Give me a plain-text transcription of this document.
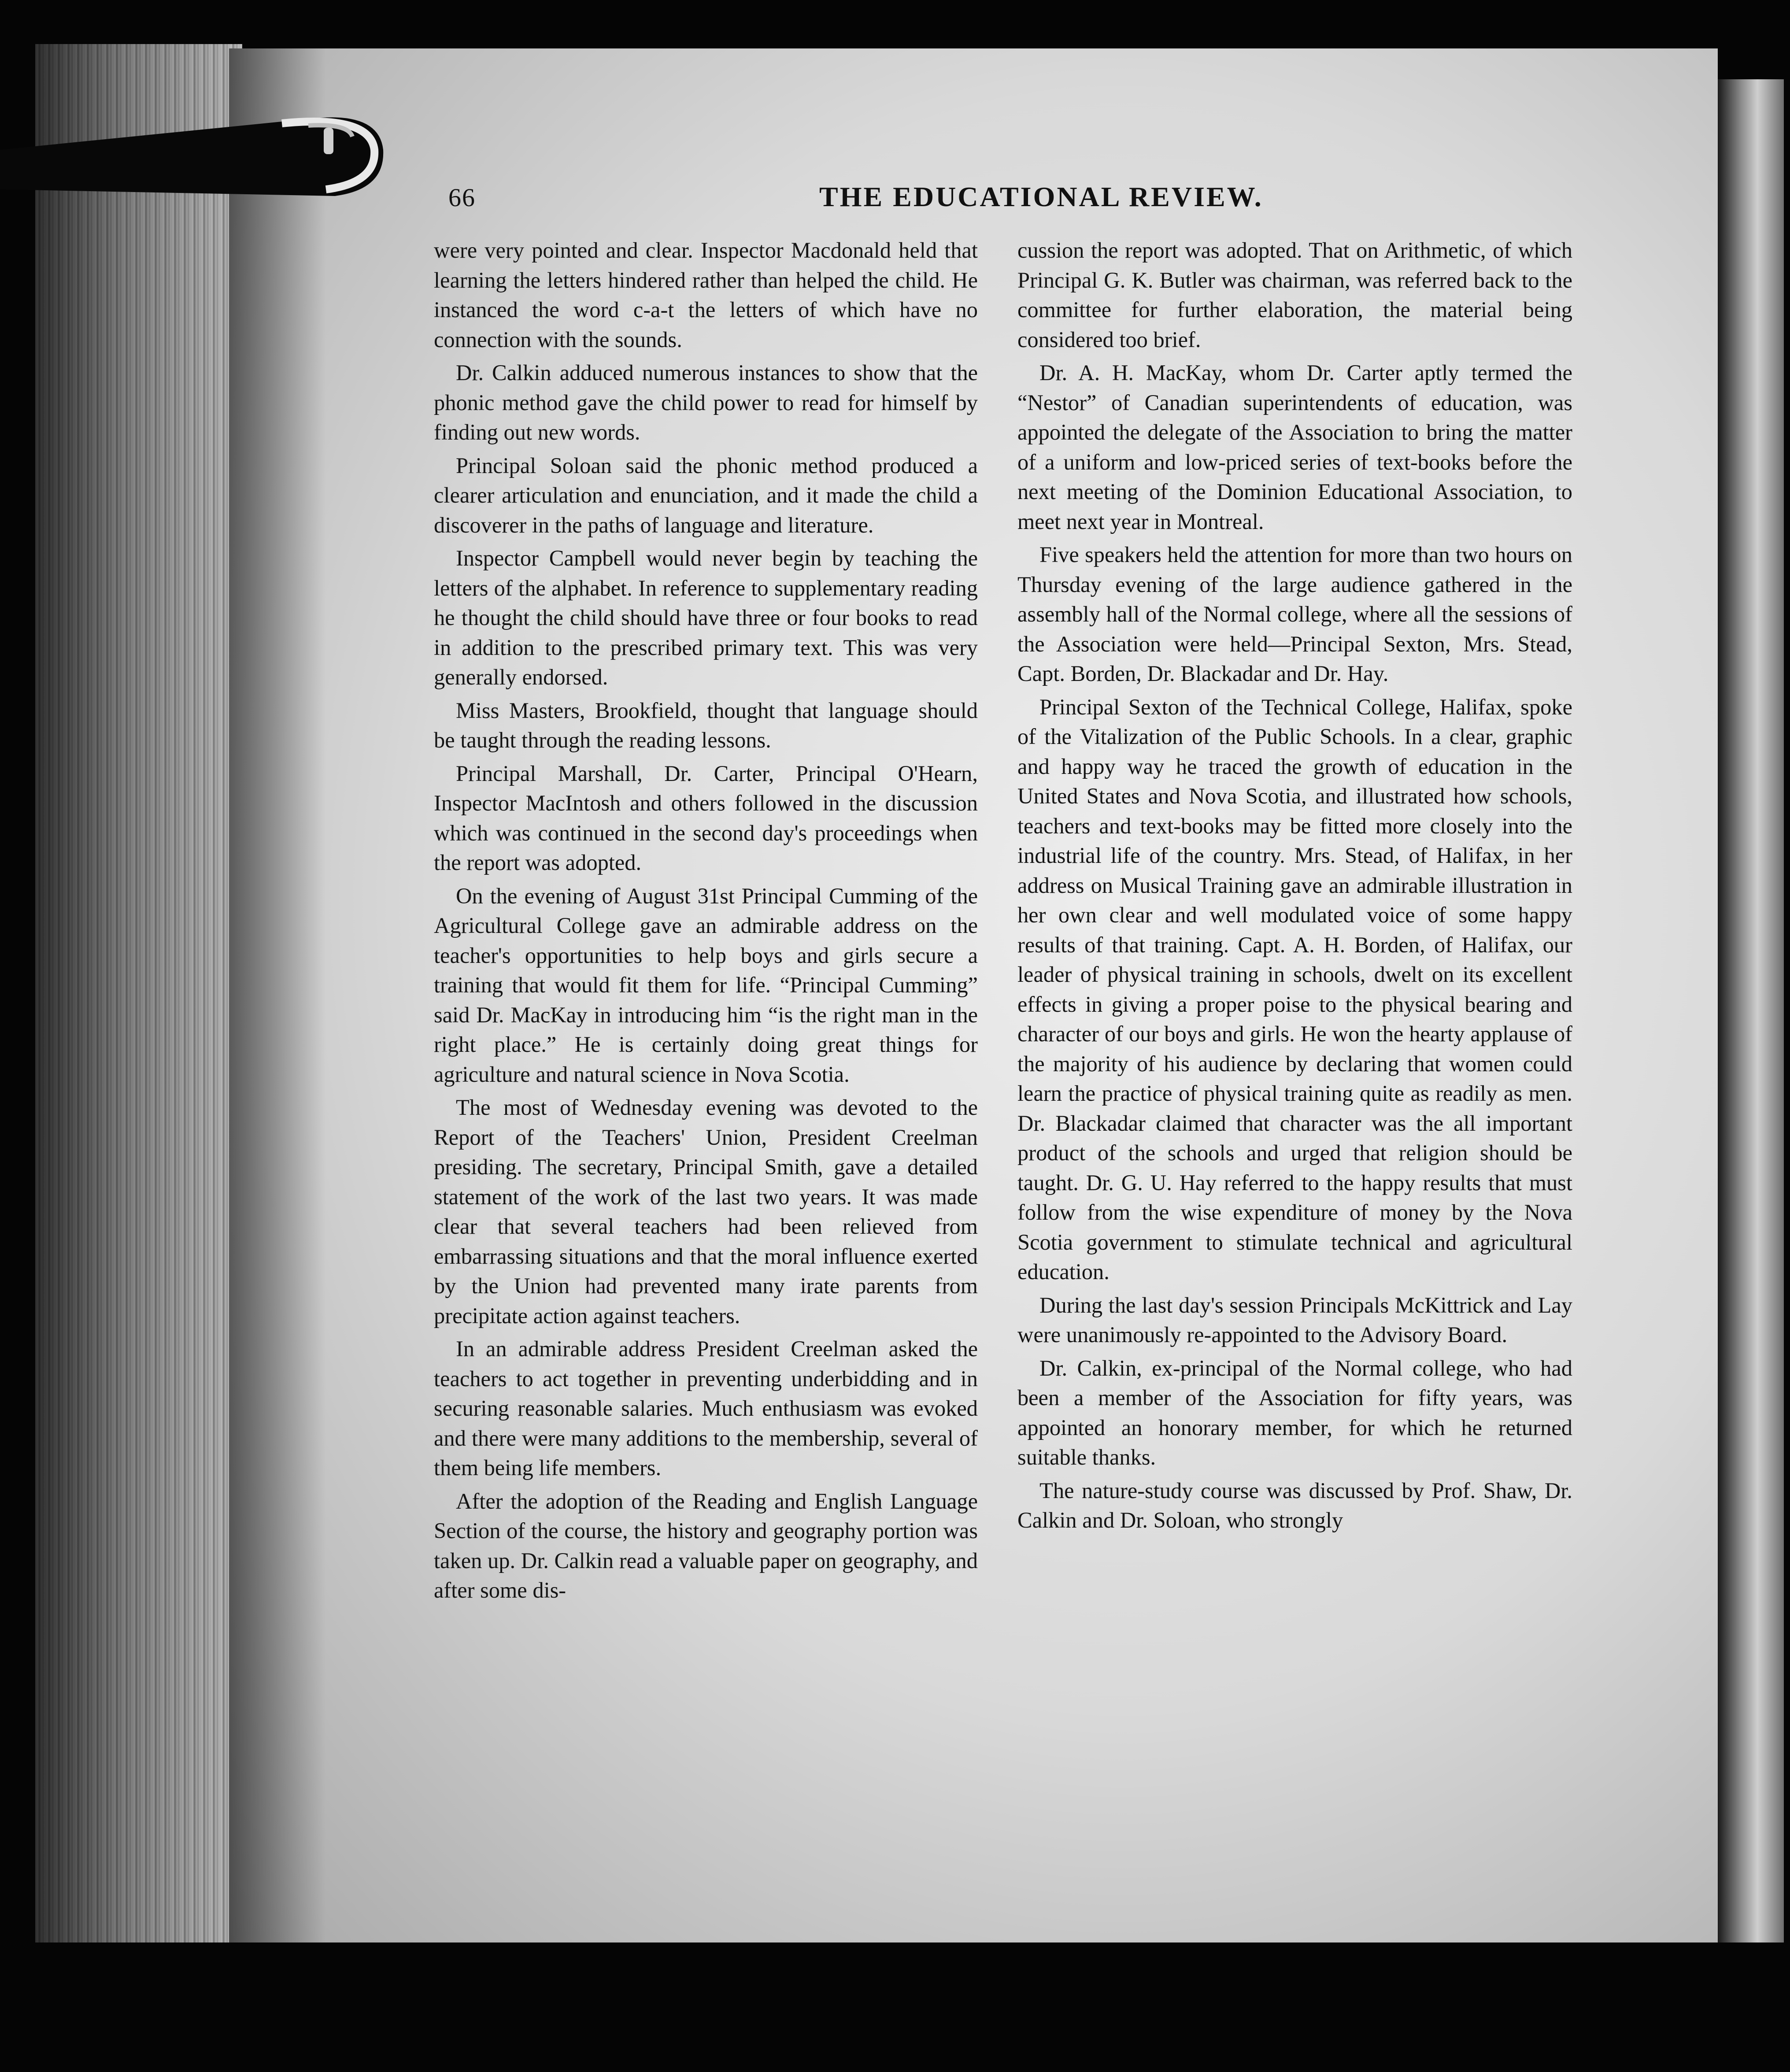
66	THE EDUCATIONAL REVIEW.

were very pointed and clear. Inspector Macdonald held that learning the letters hindered rather than helped the child. He instanced the word c-a-t the letters of which have no connection with the sounds.

Dr. Calkin adduced numerous instances to show that the phonic method gave the child power to read for himself by finding out new words.

Principal Soloan said the phonic method produced a clearer articulation and enunciation, and it made the child a discoverer in the paths of language and literature.

Inspector Campbell would never begin by teaching the letters of the alphabet. In reference to supplementary reading he thought the child should have three or four books to read in addition to the prescribed primary text. This was very generally endorsed.

Miss Masters, Brookfield, thought that language should be taught through the reading lessons.

Principal Marshall, Dr. Carter, Principal O'Hearn, Inspector MacIntosh and others followed in the discussion which was continued in the second day's proceedings when the report was adopted.

On the evening of August 31st Principal Cumming of the Agricultural College gave an admirable address on the teacher's opportunities to help boys and girls secure a training that would fit them for life. “Principal Cumming” said Dr. MacKay in introducing him “is the right man in the right place.” He is certainly doing great things for agriculture and natural science in Nova Scotia.

The most of Wednesday evening was devoted to the Report of the Teachers' Union, President Creelman presiding. The secretary, Principal Smith, gave a detailed statement of the work of the last two years. It was made clear that several teachers had been relieved from embarrassing situations and that the moral influence exerted by the Union had prevented many irate parents from precipitate action against teachers.

In an admirable address President Creelman asked the teachers to act together in preventing underbidding and in securing reasonable salaries. Much enthusiasm was evoked and there were many additions to the membership, several of them being life members.

After the adoption of the Reading and English Language Section of the course, the history and geography portion was taken up. Dr. Calkin read a valuable paper on geography, and after some dis-

cussion the report was adopted. That on Arithmetic, of which Principal G. K. Butler was chairman, was referred back to the committee for further elaboration, the material being considered too brief.

Dr. A. H. MacKay, whom Dr. Carter aptly termed the “Nestor” of Canadian superintendents of education, was appointed the delegate of the Association to bring the matter of a uniform and low-priced series of text-books before the next meeting of the Dominion Educational Association, to meet next year in Montreal.

Five speakers held the attention for more than two hours on Thursday evening of the large audience gathered in the assembly hall of the Normal college, where all the sessions of the Association were held—Principal Sexton, Mrs. Stead, Capt. Borden, Dr. Blackadar and Dr. Hay.

Principal Sexton of the Technical College, Halifax, spoke of the Vitalization of the Public Schools. In a clear, graphic and happy way he traced the growth of education in the United States and Nova Scotia, and illustrated how schools, teachers and text-books may be fitted more closely into the industrial life of the country. Mrs. Stead, of Halifax, in her address on Musical Training gave an admirable illustration in her own clear and well modulated voice of some happy results of that training. Capt. A. H. Borden, of Halifax, our leader of physical training in schools, dwelt on its excellent effects in giving a proper poise to the physical bearing and character of our boys and girls. He won the hearty applause of the majority of his audience by declaring that women could learn the practice of physical training quite as readily as men. Dr. Blackadar claimed that character was the all important product of the schools and urged that religion should be taught. Dr. G. U. Hay referred to the happy results that must follow from the wise expenditure of money by the Nova Scotia government to stimulate technical and agricultural education.

During the last day's session Principals McKittrick and Lay were unanimously re-appointed to the Advisory Board.

Dr. Calkin, ex-principal of the Normal college, who had been a member of the Association for fifty years, was appointed an honorary member, for which he returned suitable thanks.

The nature-study course was discussed by Prof. Shaw, Dr. Calkin and Dr. Soloan, who strongly
